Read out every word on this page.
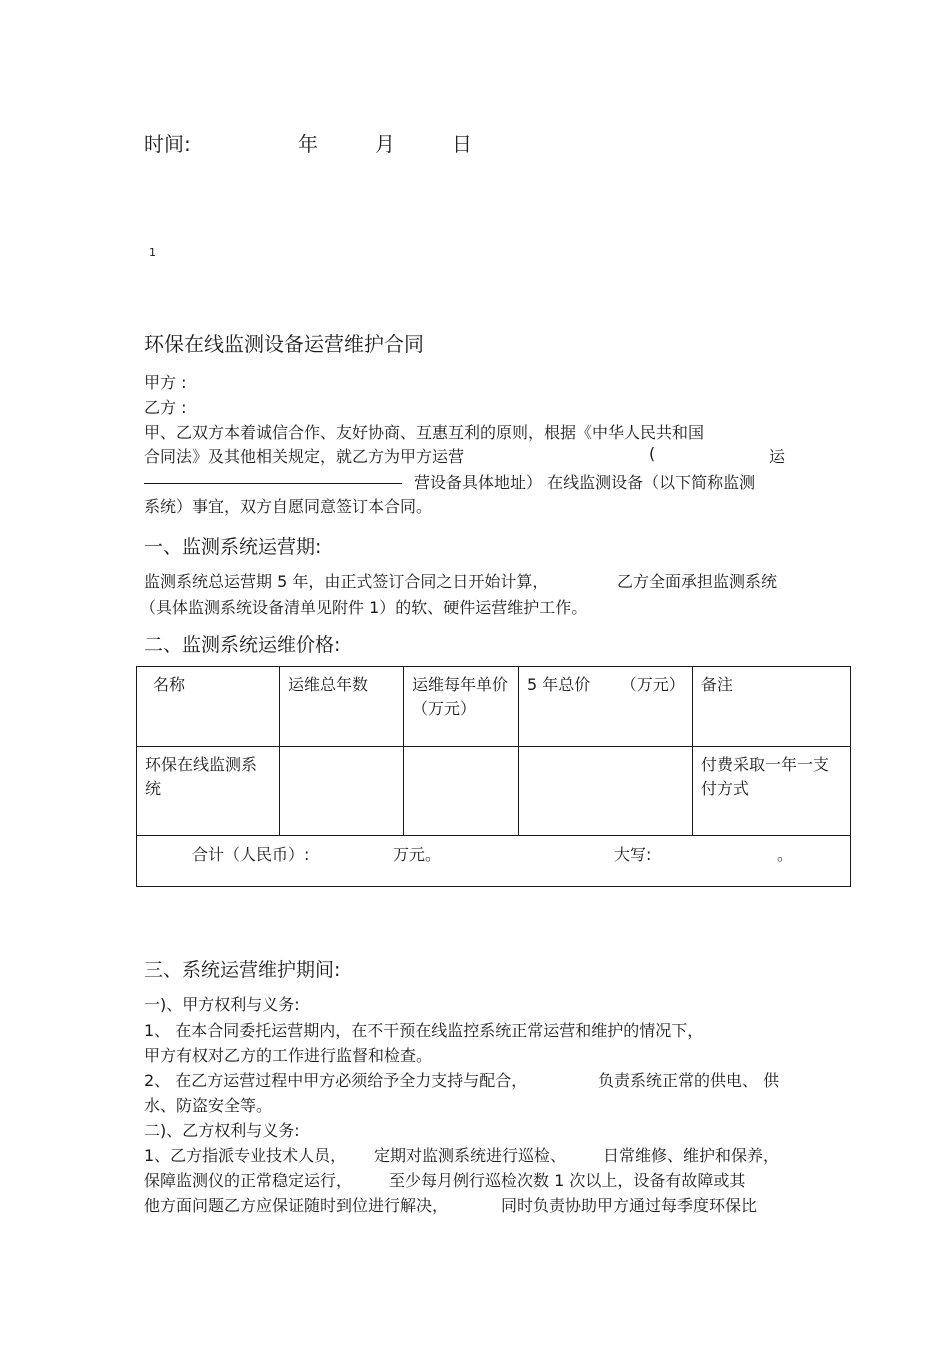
时间:	年	月	日
1
环保在线监测设备运营维护合同
甲方 :
乙方 :
甲、乙双方本着诚信合作、友好协商、互惠互利的原则，根据《中华人民共和国
合同法》及其他相关规定，就乙方为甲方运营	(	运
营设备具体地址） 在线监测设备（以下简称监测
系统）事宜，双方自愿同意签订本合同。
一、监测系统运营期:
监测系统总运营期 5 年，由正式签订合同之日开始计算，	乙方全面承担监测系统
（具体监测系统设备清单见附件 1）的软、硬件运营维护工作。
二、监测系统运维价格:
名称	运维总年数	运维每年单价（万元）	5 年总价      （万元）	备注

环保在线监测系统				付费采取一年一支付方式

合计（人民币）: 万元。 大写: 。				
三、系统运营维护期间:
一)、甲方权利与义务:
1、 在本合同委托运营期内，在不干预在线监控系统正常运营和维护的情况下，
甲方有权对乙方的工作进行监督和检查。
2、 在乙方运营过程中甲方必须给予全力支持与配合，	负责系统正常的供电、 供
水、防盗安全等。
二)、乙方权利与义务:
1、乙方指派专业技术人员， 定期对监测系统进行巡检、 日常维修、维护和保养，
保障监测仪的正常稳定运行， 至少每月例行巡检次数 1 次以上，设备有故障或其
他方面问题乙方应保证随时到位进行解决，	同时负责协助甲方通过每季度环保比
